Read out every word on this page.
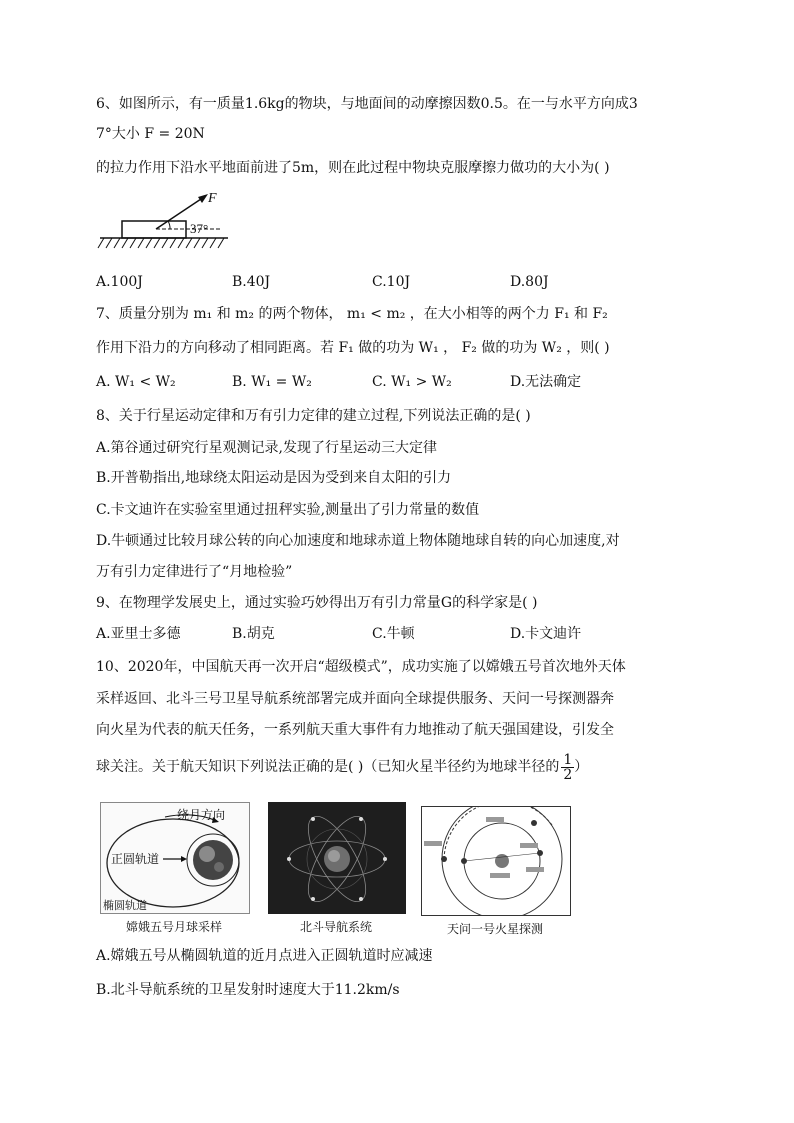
6、如图所示，有一质量1.6kg的物块，与地面间的动摩擦因数0.5。在一与水平方向成3
7°大小 F = 20N
的拉力作用下沿水平地面前进了5m，则在此过程中物块克服摩擦力做功的大小为( )
F
37°
A.100J	B.40J	C.10J	D.80J
7、质量分别为 m₁ 和 m₂ 的两个物体， m₁ < m₂ ，在大小相等的两个力 F₁ 和 F₂
作用下沿力的方向移动了相同距离。若 F₁ 做的功为 W₁ ， F₂ 做的功为 W₂ ，则( )
A. W₁ < W₂	B. W₁ = W₂	C. W₁ > W₂	D.无法确定
8、关于行星运动定律和万有引力定律的建立过程,下列说法正确的是( )
A.第谷通过研究行星观测记录,发现了行星运动三大定律
B.开普勒指出,地球绕太阳运动是因为受到来自太阳的引力
C.卡文迪许在实验室里通过扭秤实验,测量出了引力常量的数值
D.牛顿通过比较月球公转的向心加速度和地球赤道上物体随地球自转的向心加速度,对
万有引力定律进行了“月地检验”
9、在物理学发展史上，通过实验巧妙得出万有引力常量G的科学家是( )
A.亚里士多德	B.胡克	C.牛顿	D.卡文迪许
10、2020年，中国航天再一次开启“超级模式”，成功实施了以嫦娥五号首次地外天体
采样返回、北斗三号卫星导航系统部署完成并面向全球提供服务、天问一号探测器奔
向火星为代表的航天任务，一系列航天重大事件有力地推动了航天强国建设，引发全
球关注。关于航天知识下列说法正确的是( )（已知火星半径约为地球半径的 $\frac{1}{2}$ ）
绕月方向
正圆轨道
椭圆轨道
嫦娥五号月球采样	北斗导航系统	天问一号火星探测
A.嫦娥五号从椭圆轨道的近月点进入正圆轨道时应减速
B.北斗导航系统的卫星发射时速度大于11.2km/s
